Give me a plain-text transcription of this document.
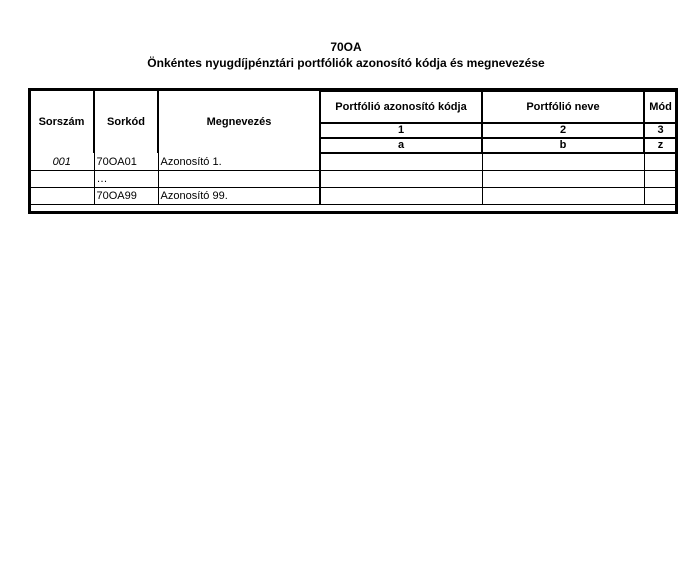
70OA
Önkéntes nyugdíjpénztári portfóliók azonosító kódja és megnevezése
Sorszám	Sorkód	Megnevezés	Portfólió azonosító kódja	Portfólió neve	Mód
			1	2	3
			a	b	z
001	70OA01	Azonosító 1.			
	…				
	70OA99	Azonosító 99.			
